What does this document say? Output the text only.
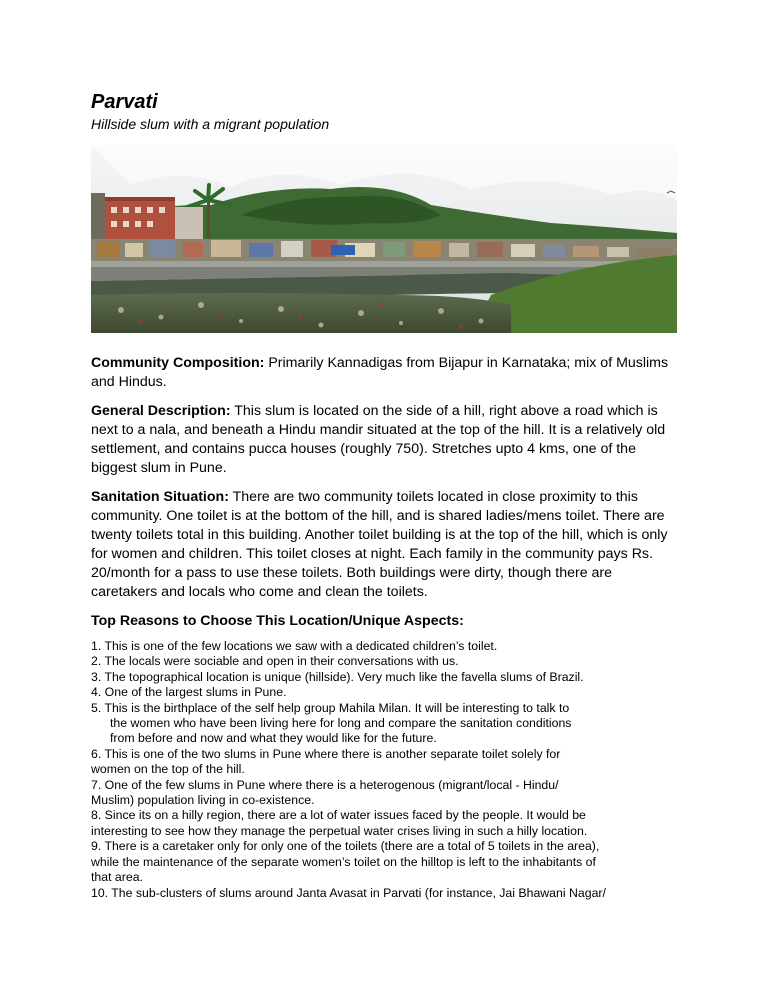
Parvati

Hillside slum with a migrant population

Community Composition: Primarily Kannadigas from Bijapur in Karnataka; mix of Muslims and Hindus.

General Description: This slum is located on the side of a hill, right above a road which is next to a nala, and beneath a Hindu mandir situated at the top of the hill. It is a relatively old settlement, and contains pucca houses (roughly 750). Stretches upto 4 kms, one of the biggest slum in Pune.

Sanitation Situation: There are two community toilets located in close proximity to this community. One toilet is at the bottom of the hill, and is shared ladies/mens toilet. There are twenty toilets total in this building. Another toilet building is at the top of the hill, which is only for women and children. This toilet closes at night. Each family in the community pays Rs. 20/month for a pass to use these toilets. Both buildings were dirty, though there are caretakers and locals who come and clean the toilets.

Top Reasons to Choose This Location/Unique Aspects:
1. This is one of the few locations we saw with a dedicated children’s toilet.
2. The locals were sociable and open in their conversations with us.
3. The topographical location is unique (hillside). Very much like the favella slums of Brazil.
4. One of the largest slums in Pune.
5. This is the birthplace of the self help group Mahila Milan. It will be interesting to talk to
the women who have been living here for long and compare the sanitation conditions
from before and now and what they would like for the future.
6. This is one of the two slums in Pune where there is another separate toilet solely for
women on the top of the hill.
7. One of the few slums in Pune where there is a heterogenous (migrant/local - Hindu/
Muslim) population living in co-existence.
8. Since its on a hilly region, there are a lot of water issues faced by the people. It would be
interesting to see how they manage the perpetual water crises living in such a hilly location.
9. There is a caretaker only for only one of the toilets (there are a total of 5 toilets in the area),
while the maintenance of the separate women’s toilet on the hilltop is left to the inhabitants of
that area.
10. The sub-clusters of slums around Janta Avasat in Parvati (for instance, Jai Bhawani Nagar/
